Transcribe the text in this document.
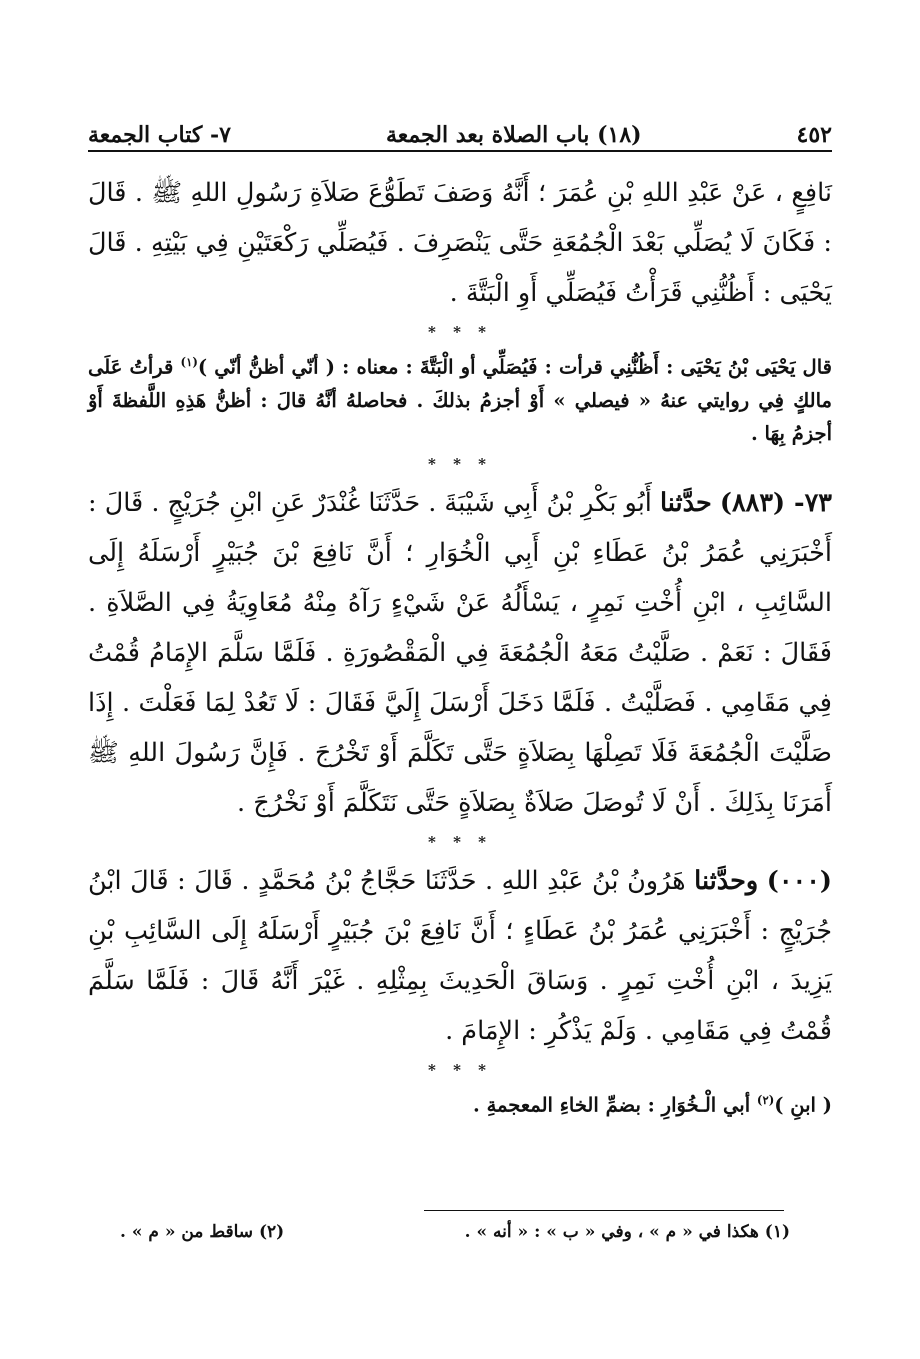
٤٥٢
(١٨) باب الصلاة بعد الجمعة
٧- كتاب الجمعة

نَافِعٍ ، عَنْ عَبْدِ اللهِ بْنِ عُمَرَ ؛ أَنَّهُ وَصَفَ تَطَوُّعَ صَلاَةِ رَسُولِ اللهِ ﷺ . قَالَ : فَكَانَ لَا يُصَلِّي بَعْدَ الْجُمُعَةِ حَتَّى يَنْصَرِفَ . فَيُصَلِّي رَكْعَتَيْنِ فِي بَيْتِهِ . قَالَ يَحْيَى : أَظُنُّنِي قَرَأْتُ فَيُصَلِّي أَوِ الْبَتَّةَ .

* * *

قال يَحْيَى بْنُ يَحْيَى : أَظُنُّنِي قرأت : فَيُصَلِّي أو الْبَتَّةَ : معناه : ( أنّي أظنُّ أنّي )$^{(١)}$ قرأتُ عَلَى مالكٍ فِي روايتي عنهُ « فيصلي » أَوْ أجزمُ بذلكَ . فحاصلهُ أنَّهُ قالَ : أظنُّ هَذِهِ اللَّفظةَ أَوْ أجزمُ بِهَا .

* * *

٧٣- (٨٨٣) حدَّثنا أَبُو بَكْرِ بْنُ أَبِي شَيْبَةَ . حَدَّثَنَا غُنْدَرٌ عَنِ ابْنِ جُرَيْجٍ . قَالَ : أَخْبَرَنِي عُمَرُ بْنُ عَطَاءِ بْنِ أَبِي الْخُوَارِ ؛ أَنَّ نَافِعَ بْنَ جُبَيْرٍ أَرْسَلَهُ إِلَى السَّائِبِ ، ابْنِ أُخْتِ نَمِرٍ ، يَسْأَلُهُ عَنْ شَيْءٍ رَآهُ مِنْهُ مُعَاوِيَةُ فِي الصَّلاَةِ . فَقَالَ : نَعَمْ . صَلَّيْتُ مَعَهُ الْجُمُعَةَ فِي الْمَقْصُورَةِ . فَلَمَّا سَلَّمَ الإِمَامُ قُمْتُ فِي مَقَامِي . فَصَلَّيْتُ . فَلَمَّا دَخَلَ أَرْسَلَ إِلَيَّ فَقَالَ : لَا تَعُدْ لِمَا فَعَلْتَ . إِذَا صَلَّيْتَ الْجُمُعَةَ فَلَا تَصِلْهَا بِصَلاَةٍ حَتَّى تَكَلَّمَ أَوْ تَخْرُجَ . فَإِنَّ رَسُولَ اللهِ ﷺ أَمَرَنَا بِذَلِكَ . أَنْ لَا تُوصَلَ صَلاَةٌ بِصَلاَةٍ حَتَّى نَتَكَلَّمَ أَوْ نَخْرُجَ .

* * *

(٠٠٠) وحدَّثنا هَرُونُ بْنُ عَبْدِ اللهِ . حَدَّثَنَا حَجَّاجُ بْنُ مُحَمَّدٍ . قَالَ : قَالَ ابْنُ جُرَيْجٍ : أَخْبَرَنِي عُمَرُ بْنُ عَطَاءٍ ؛ أَنَّ نَافِعَ بْنَ جُبَيْرٍ أَرْسَلَهُ إِلَى السَّائِبِ بْنِ يَزِيدَ ، ابْنِ أُخْتِ نَمِرٍ . وَسَاقَ الْحَدِيثَ بِمِثْلِهِ . غَيْرَ أَنَّهُ قَالَ : فَلَمَّا سَلَّمَ قُمْتُ فِي مَقَامِي . وَلَمْ يَذْكُرِ : الإِمَامَ .

* * *

( ابنِ )$^{(٢)}$ أبي الْـخُوَارِ : بضمِّ الخاءِ المعجمةِ .

(١) هكذا في « م » ، وفي « ب » : « أنه » .
(٢) ساقط من « م » .
